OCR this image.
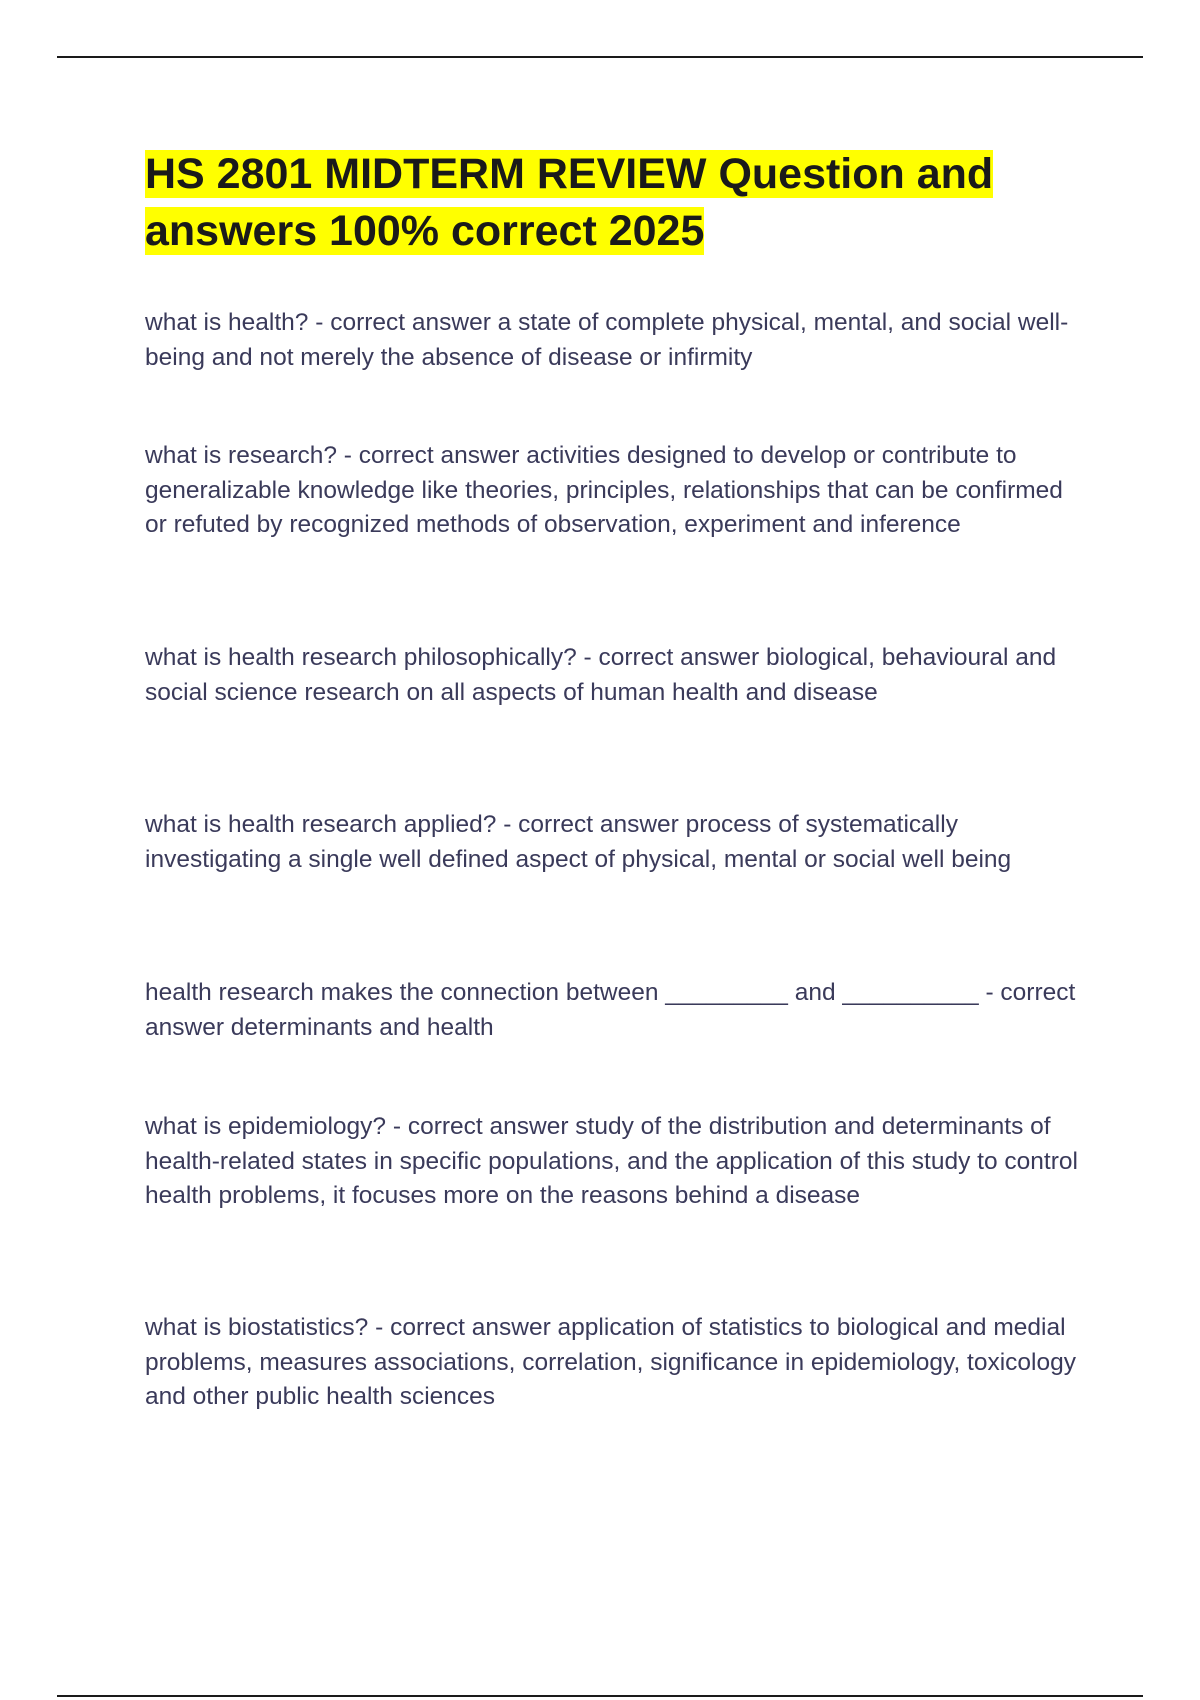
HS 2801 MIDTERM REVIEW Question and answers 100% correct 2025

what is health? - correct answer a state of complete physical, mental, and social well-being and not merely the absence of disease or infirmity

what is research? - correct answer activities designed to develop or contribute to generalizable knowledge like theories, principles, relationships that can be confirmed or refuted by recognized methods of observation, experiment and inference

what is health research philosophically? - correct answer biological, behavioural and social science research on all aspects of human health and disease

what is health research applied? - correct answer process of systematically investigating a single well defined aspect of physical, mental or social well being

health research makes the connection between _________ and __________ - correct answer determinants and health

what is epidemiology? - correct answer study of the distribution and determinants of health-related states in specific populations, and the application of this study to control health problems, it focuses more on the reasons behind a disease

what is biostatistics? - correct answer application of statistics to biological and medial problems, measures associations, correlation, significance in epidemiology, toxicology and other public health sciences
